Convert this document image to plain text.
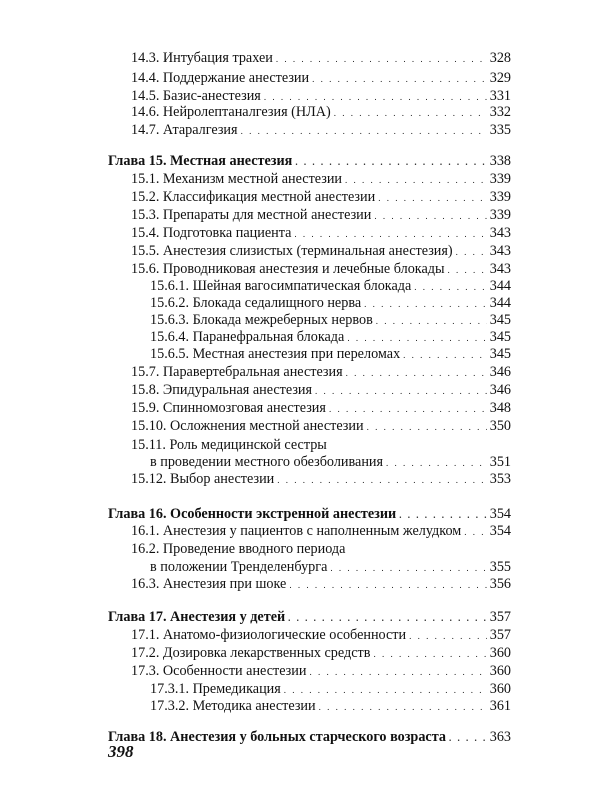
14.3. Интубация трахеи . . .	328
14.4. Поддержание анестезии . . .	329
14.5. Базис-анестезия . . .	331
14.6. Нейролептаналгезия (НЛА) . . .	332
14.7. Атаралгезия . . .	335
Глава 15. Местная анестезия . . .	338
15.1. Механизм местной анестезии . . .	339
15.2. Классификация местной анестезии . . .	339
15.3. Препараты для местной анестезии . . .	339
15.4. Подготовка пациента . . .	343
15.5. Анестезия слизистых (терминальная анестезия) . . .	343
15.6. Проводниковая анестезия и лечебные блокады . . .	343
15.6.1. Шейная вагосимпатическая блокада . . .	344
15.6.2. Блокада седалищного нерва . . .	344
15.6.3. Блокада межреберных нервов . . .	345
15.6.4. Паранефральная блокада . . .	345
15.6.5. Местная анестезия при переломах . . .	345
15.7. Паравертебральная анестезия . . .	346
15.8. Эпидуральная анестезия . . .	346
15.9. Спинномозговая анестезия . . .	348
15.10. Осложнения местной анестезии . . .	350
15.11. Роль медицинской сестры
в проведении местного обезболивания . . .	351
15.12. Выбор анестезии . . .	353
Глава 16. Особенности экстренной анестезии . . .	354
16.1. Анестезия у пациентов с наполненным желудком . . . 354
16.2. Проведение вводного периода
в положении Тренделенбурга . . .	355
16.3. Анестезия при шоке . . .	356
Глава 17. Анестезия у детей . . .	357
17.1. Анатомо-физиологические особенности . . .	357
17.2. Дозировка лекарственных средств . . .	360
17.3. Особенности анестезии . . .	360
17.3.1. Премедикация . . .	360
17.3.2. Методика анестезии . . .	361
Глава 18. Анестезия у больных старческого возраста . . .	363
398
